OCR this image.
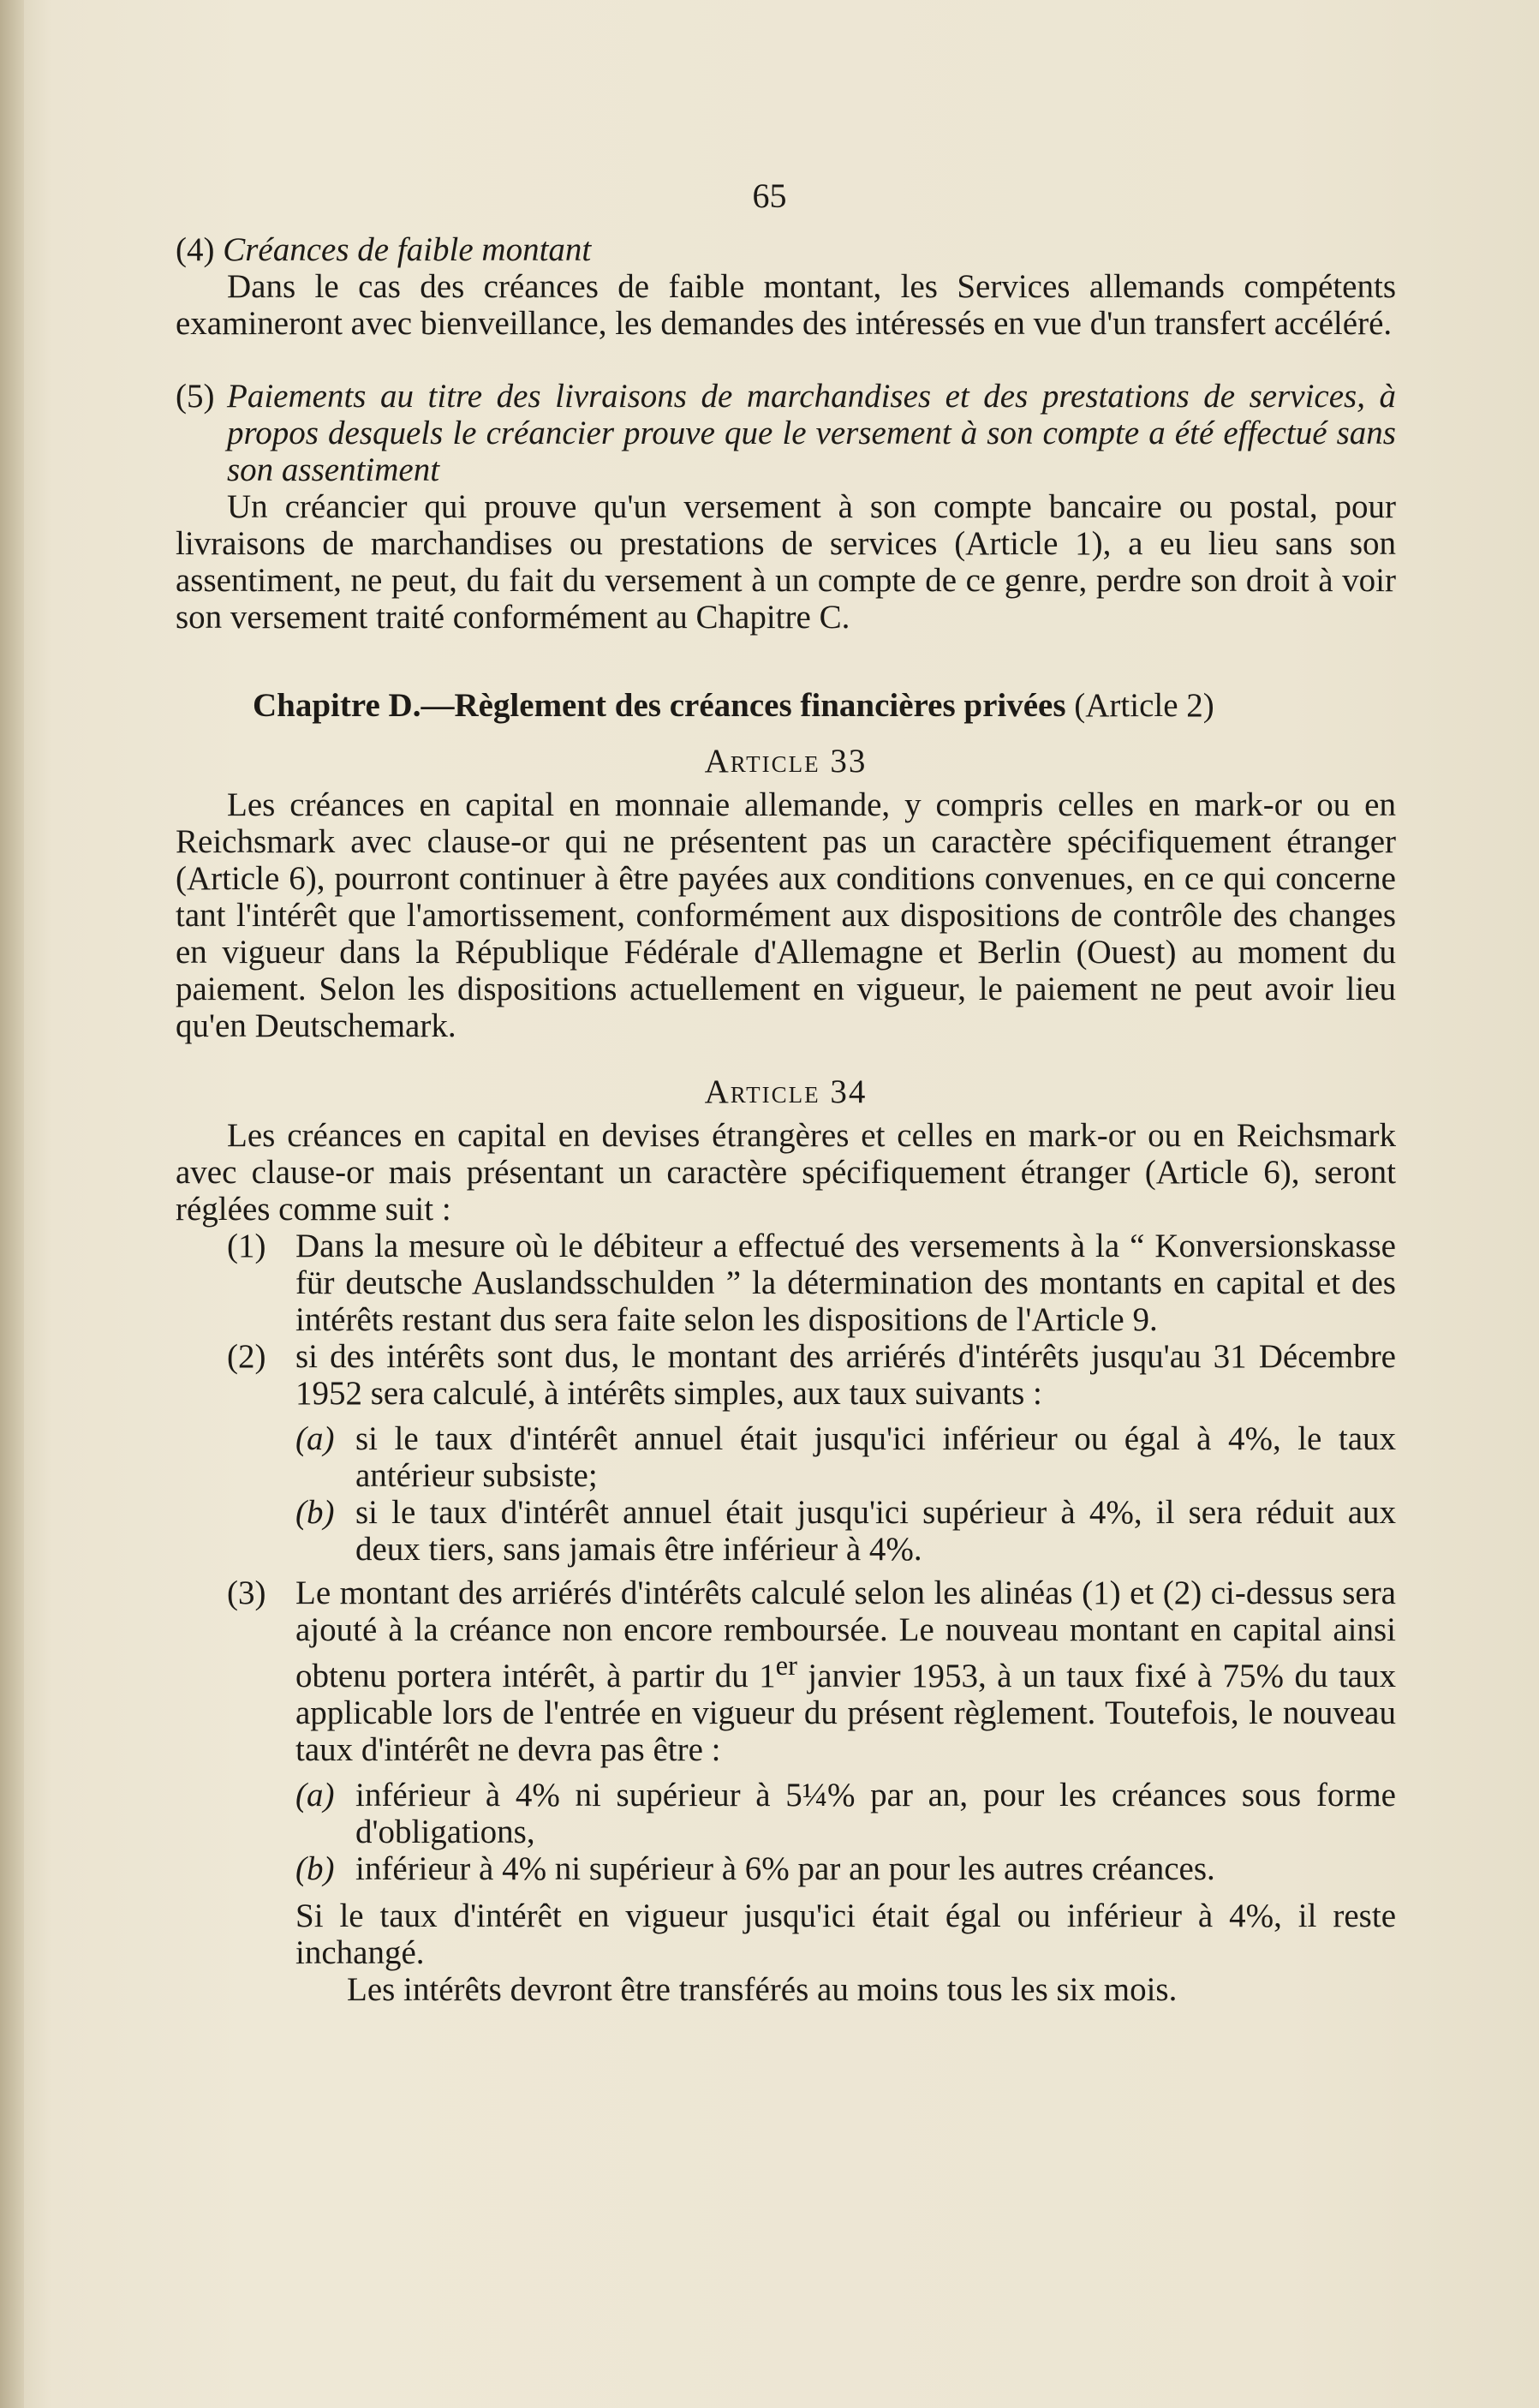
65

(4) Créances de faible montant

Dans le cas des créances de faible montant, les Services allemands compétents examineront avec bienveillance, les demandes des intéressés en vue d'un transfert accéléré.

(5) Paiements au titre des livraisons de marchandises et des prestations de services, à propos desquels le créancier prouve que le versement à son compte a été effectué sans son assentiment

Un créancier qui prouve qu'un versement à son compte bancaire ou postal, pour livraisons de marchandises ou prestations de services (Article 1), a eu lieu sans son assentiment, ne peut, du fait du versement à un compte de ce genre, perdre son droit à voir son versement traité conformément au Chapitre C.

Chapitre D.—Règlement des créances financières privées (Article 2)

Article 33

Les créances en capital en monnaie allemande, y compris celles en mark-or ou en Reichsmark avec clause-or qui ne présentent pas un caractère spécifiquement étranger (Article 6), pourront continuer à être payées aux conditions convenues, en ce qui concerne tant l'intérêt que l'amortissement, conformément aux dispositions de contrôle des changes en vigueur dans la République Fédérale d'Allemagne et Berlin (Ouest) au moment du paiement. Selon les dispositions actuellement en vigueur, le paiement ne peut avoir lieu qu'en Deutschemark.

Article 34

Les créances en capital en devises étrangères et celles en mark-or ou en Reichsmark avec clause-or mais présentant un caractère spécifiquement étranger (Article 6), seront réglées comme suit :

(1) Dans la mesure où le débiteur a effectué des versements à la “ Konversionskasse für deutsche Auslandsschulden ” la détermination des montants en capital et des intérêts restant dus sera faite selon les dispositions de l'Article 9.
(2) si des intérêts sont dus, le montant des arriérés d'intérêts jusqu'au 31 Décembre 1952 sera calculé, à intérêts simples, aux taux suivants :
(a) si le taux d'intérêt annuel était jusqu'ici inférieur ou égal à 4%, le taux antérieur subsiste;
(b) si le taux d'intérêt annuel était jusqu'ici supérieur à 4%, il sera réduit aux deux tiers, sans jamais être inférieur à 4%.
(3) Le montant des arriérés d'intérêts calculé selon les alinéas (1) et (2) ci-dessus sera ajouté à la créance non encore remboursée. Le nouveau montant en capital ainsi obtenu portera intérêt, à partir du 1er janvier 1953, à un taux fixé à 75% du taux applicable lors de l'entrée en vigueur du présent règlement. Toutefois, le nouveau taux d'intérêt ne devra pas être :
(a) inférieur à 4% ni supérieur à 5¼% par an, pour les créances sous forme d'obligations,
(b) inférieur à 4% ni supérieur à 6% par an pour les autres créances.

Si le taux d'intérêt en vigueur jusqu'ici était égal ou inférieur à 4%, il reste inchangé.

Les intérêts devront être transférés au moins tous les six mois.
